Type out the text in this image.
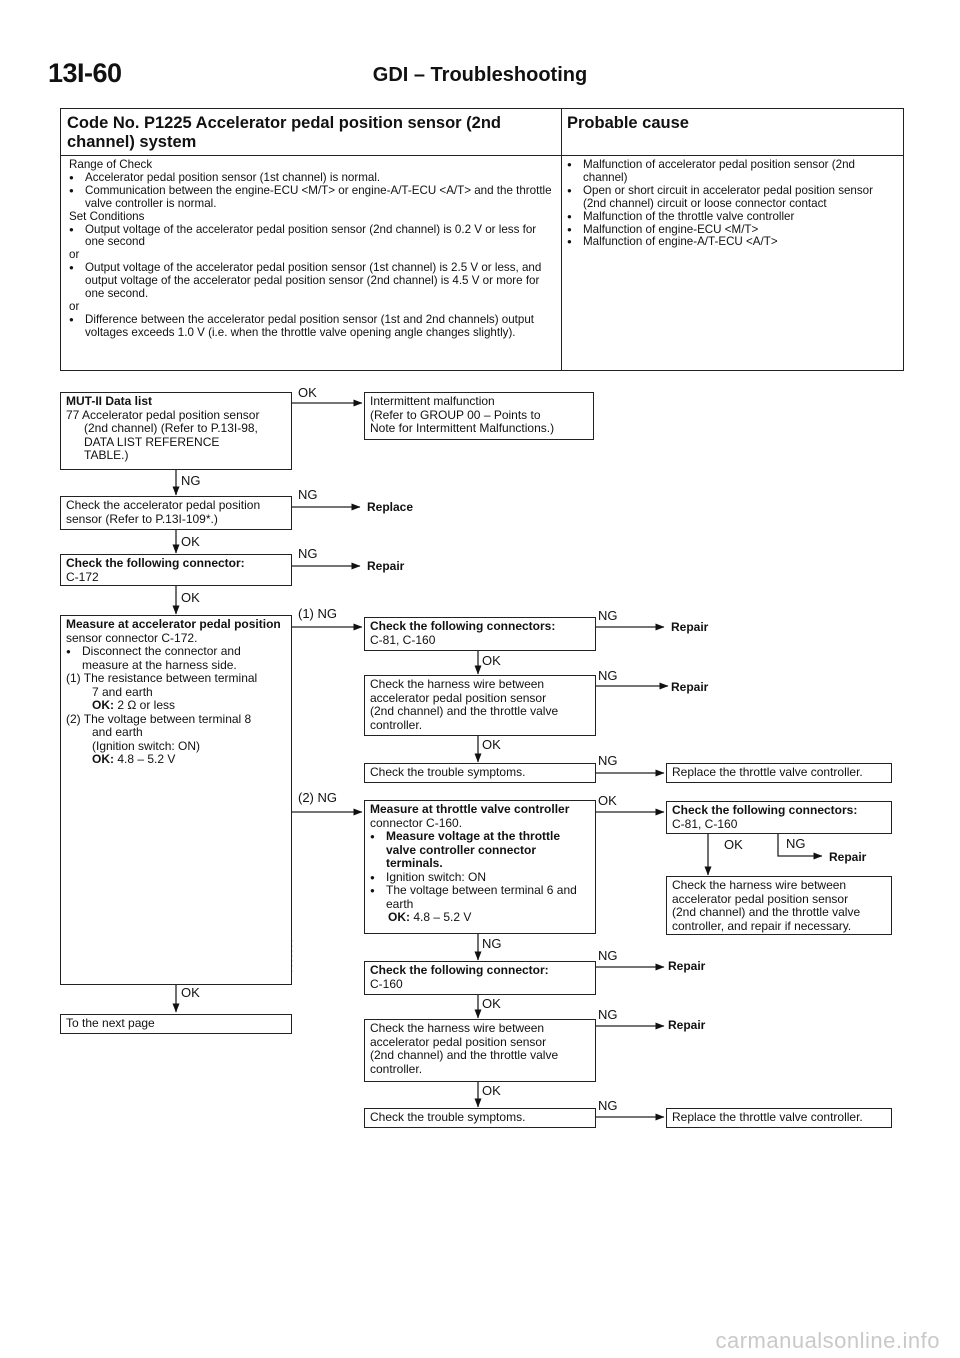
13I-60	GDI – Troubleshooting
Code No. P1225 Accelerator pedal position sensor (2nd
channel) system
Probable cause
Range of Check
● Accelerator pedal position sensor (1st channel) is normal.
● Communication between the engine-ECU <M/T> or engine-A/T-ECU <A/T> and the throttle valve controller is normal.
Set Conditions
● Output voltage of the accelerator pedal position sensor (2nd channel) is 0.2 V or less for one second
or
● Output voltage of the accelerator pedal position sensor (1st channel) is 2.5 V or less, and output voltage of the accelerator pedal position sensor (2nd channel) is 4.5 V or more for one second.
or
● Difference between the accelerator pedal position sensor (1st and 2nd channels) output voltages exceeds 1.0 V (i.e. when the throttle valve opening angle changes slightly).
● Malfunction of accelerator pedal position sensor (2nd channel)
● Open or short circuit in accelerator pedal position sensor (2nd channel) circuit or loose connector contact
● Malfunction of the throttle valve controller
● Malfunction of engine-ECU <M/T>
● Malfunction of engine-A/T-ECU <A/T>
MUT-II Data list
77 Accelerator pedal position sensor
(2nd channel) (Refer to P.13I-98,
DATA LIST REFERENCE
TABLE.)
Check the accelerator pedal position
sensor (Refer to P.13I-109*.)
Check the following connector:
C-172
Measure at accelerator pedal position
sensor connector C-172.
● Disconnect the connector and measure at the harness side.
(1) The resistance between terminal
7 and earth
OK: 2 Ω or less
(2) The voltage between terminal 8
and earth
(Ignition switch: ON)
OK: 4.8 – 5.2 V
To the next page
Intermittent malfunction
(Refer to GROUP 00 – Points to
Note for Intermittent Malfunctions.)
Check the following connectors:
C-81, C-160
Check the harness wire between
accelerator pedal position sensor
(2nd channel) and the throttle valve
controller.
Check the trouble symptoms.
Measure at throttle valve controller
connector C-160.
● Measure voltage at the throttle valve controller connector terminals.
● Ignition switch: ON
● The voltage between terminal 6 and earth
OK: 4.8 – 5.2 V
Check the following connector:
C-160
Check the harness wire between
accelerator pedal position sensor
(2nd channel) and the throttle valve
controller.
Check the trouble symptoms.
Replace the throttle valve controller.
Check the following connectors:
C-81, C-160
Check the harness wire between
accelerator pedal position sensor
(2nd channel) and the throttle valve
controller, and repair if necessary.
Replace the throttle valve controller.
Replace
Repair
Repair
Repair
Repair
Repair
Repair
OK
NG
NG
OK
NG
OK
(1) NG
(2) NG
OK
NG
OK
NG
OK
NG
OK
NG
NG
OK
NG
OK
NG
OK	NG
carmanualsonline.info
